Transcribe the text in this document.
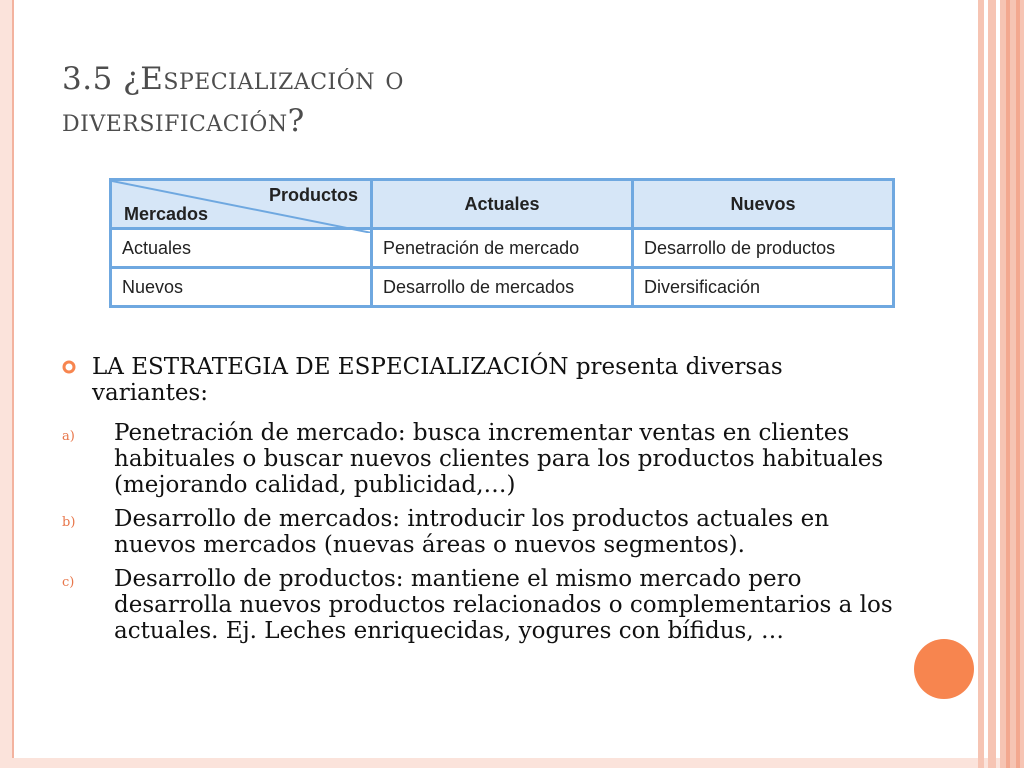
3.5 ¿Especialización o
diversificación?
Productos
Mercados	Actuales	Nuevos
Actuales	Penetración de mercado	Desarrollo de productos
Nuevos	Desarrollo de mercados	Diversificación
LA ESTRATEGIA DE ESPECIALIZACIÓN presenta diversas variantes:
a) Penetración de mercado: busca incrementar ventas en clientes habituales o buscar nuevos clientes para los productos habituales (mejorando calidad, publicidad,…)
b) Desarrollo de mercados: introducir los productos actuales en nuevos mercados (nuevas áreas o nuevos segmentos).
c) Desarrollo de productos: mantiene el mismo mercado pero desarrolla nuevos productos relacionados o complementarios a los actuales. Ej. Leches enriquecidas, yogures con bífidus, …
